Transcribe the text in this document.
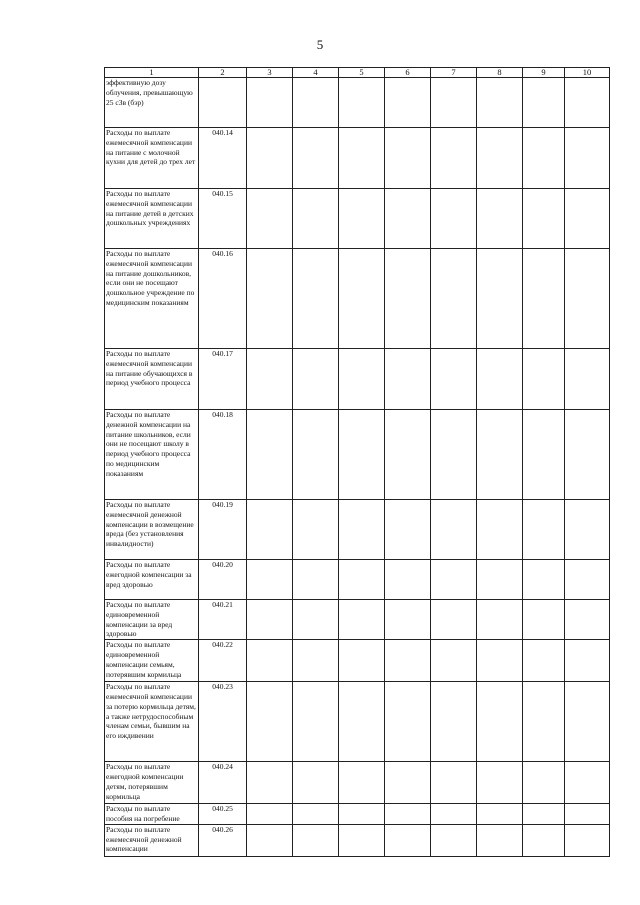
5
1	2	3	4	5	6	7	8	9	10
эффективную дозу облучения, превышающую 25 сЗв (бэр)									
Расходы по выплате ежемесячной компенсации на питание с молочной кухни для детей до трех лет	040.14								
Расходы по выплате ежемесячной компенсации на питание детей в детских дошкольных учреждениях	040.15								
Расходы по выплате ежемесячной компенсации на питание дошкольников, если они не посещают дошкольное учреждение по медицинским показаниям	040.16								
Расходы по выплате ежемесячной компенсации на питание обучающихся в период учебного процесса	040.17								
Расходы по выплате денежной компенсации на питание школьников, если они не посещают школу в период учебного процесса по медицинским показаниям	040.18								
Расходы по выплате ежемесячной денежной компенсации в возмещение вреда (без установления инвалидности)	040.19								
Расходы по выплате ежегодной компенсации за вред здоровью	040.20								
Расходы по выплате единовременной компенсации за вред здоровью	040.21								
Расходы по выплате единовременной компенсации семьям, потерявшим кормильца	040.22								
Расходы по выплате ежемесячной компенсации за потерю кормильца детям, а также нетрудоспособным членам семьи, бывшим на его иждивении	040.23								
Расходы по выплате ежегодной компенсации детям, потерявшим кормильца	040.24								
Расходы по выплате пособия на погребение	040.25								
Расходы по выплате ежемесячной денежной компенсации	040.26								
